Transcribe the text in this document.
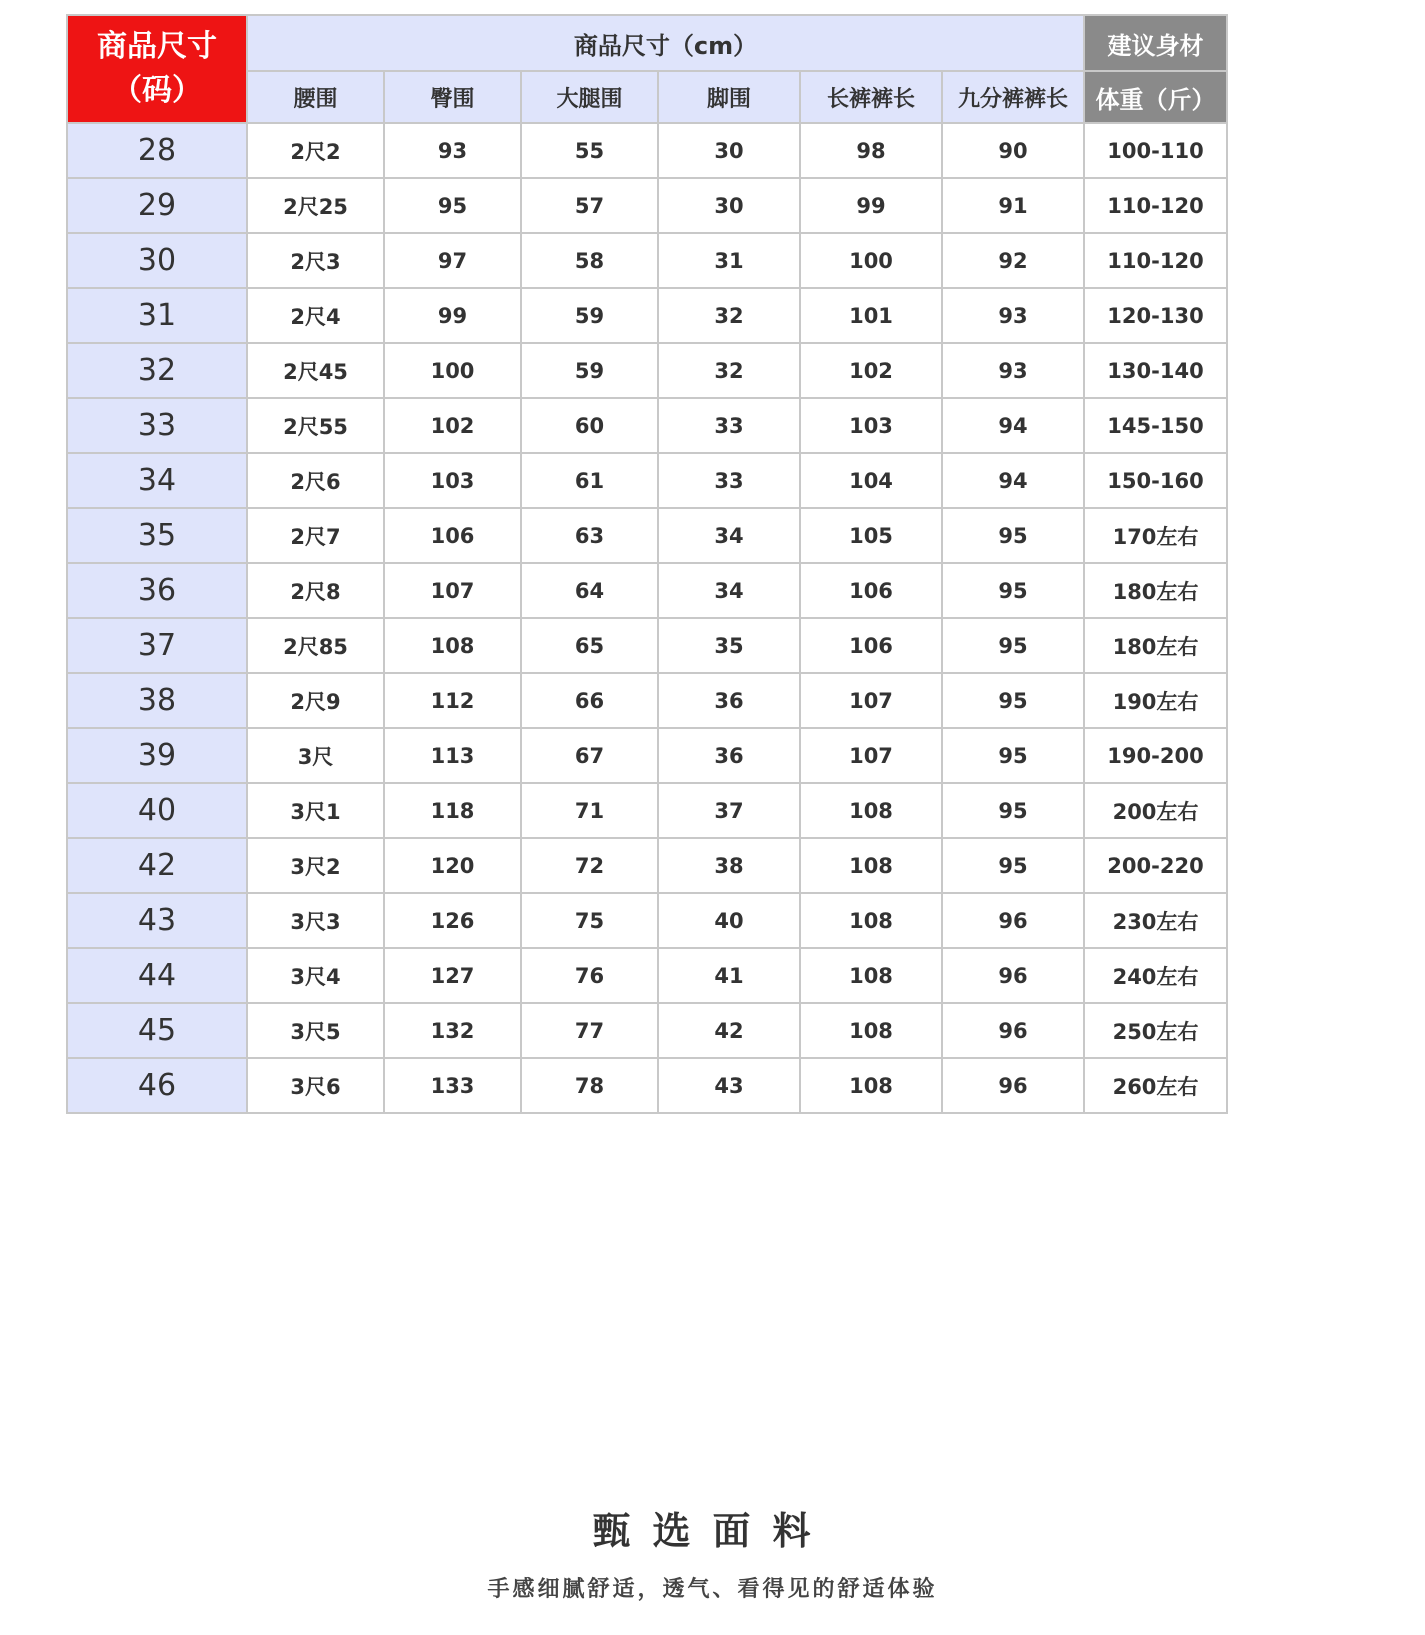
商品尺寸
（码）	商品尺寸（cm）						建议身材
	腰围	臀围	大腿围	脚围	长裤裤长	九分裤裤长	体重（斤）
28	2尺2	93	55	30	98	90	100-110
29	2尺25	95	57	30	99	91	110-120
30	2尺3	97	58	31	100	92	110-120
31	2尺4	99	59	32	101	93	120-130
32	2尺45	100	59	32	102	93	130-140
33	2尺55	102	60	33	103	94	145-150
34	2尺6	103	61	33	104	94	150-160
35	2尺7	106	63	34	105	95	170左右
36	2尺8	107	64	34	106	95	180左右
37	2尺85	108	65	35	106	95	180左右
38	2尺9	112	66	36	107	95	190左右
39	3尺	113	67	36	107	95	190-200
40	3尺1	118	71	37	108	95	200左右
42	3尺2	120	72	38	108	95	200-220
43	3尺3	126	75	40	108	96	230左右
44	3尺4	127	76	41	108	96	240左右
45	3尺5	132	77	42	108	96	250左右
46	3尺6	133	78	43	108	96	260左右
甄选面料
手感细腻舒适，透气、看得见的舒适体验
